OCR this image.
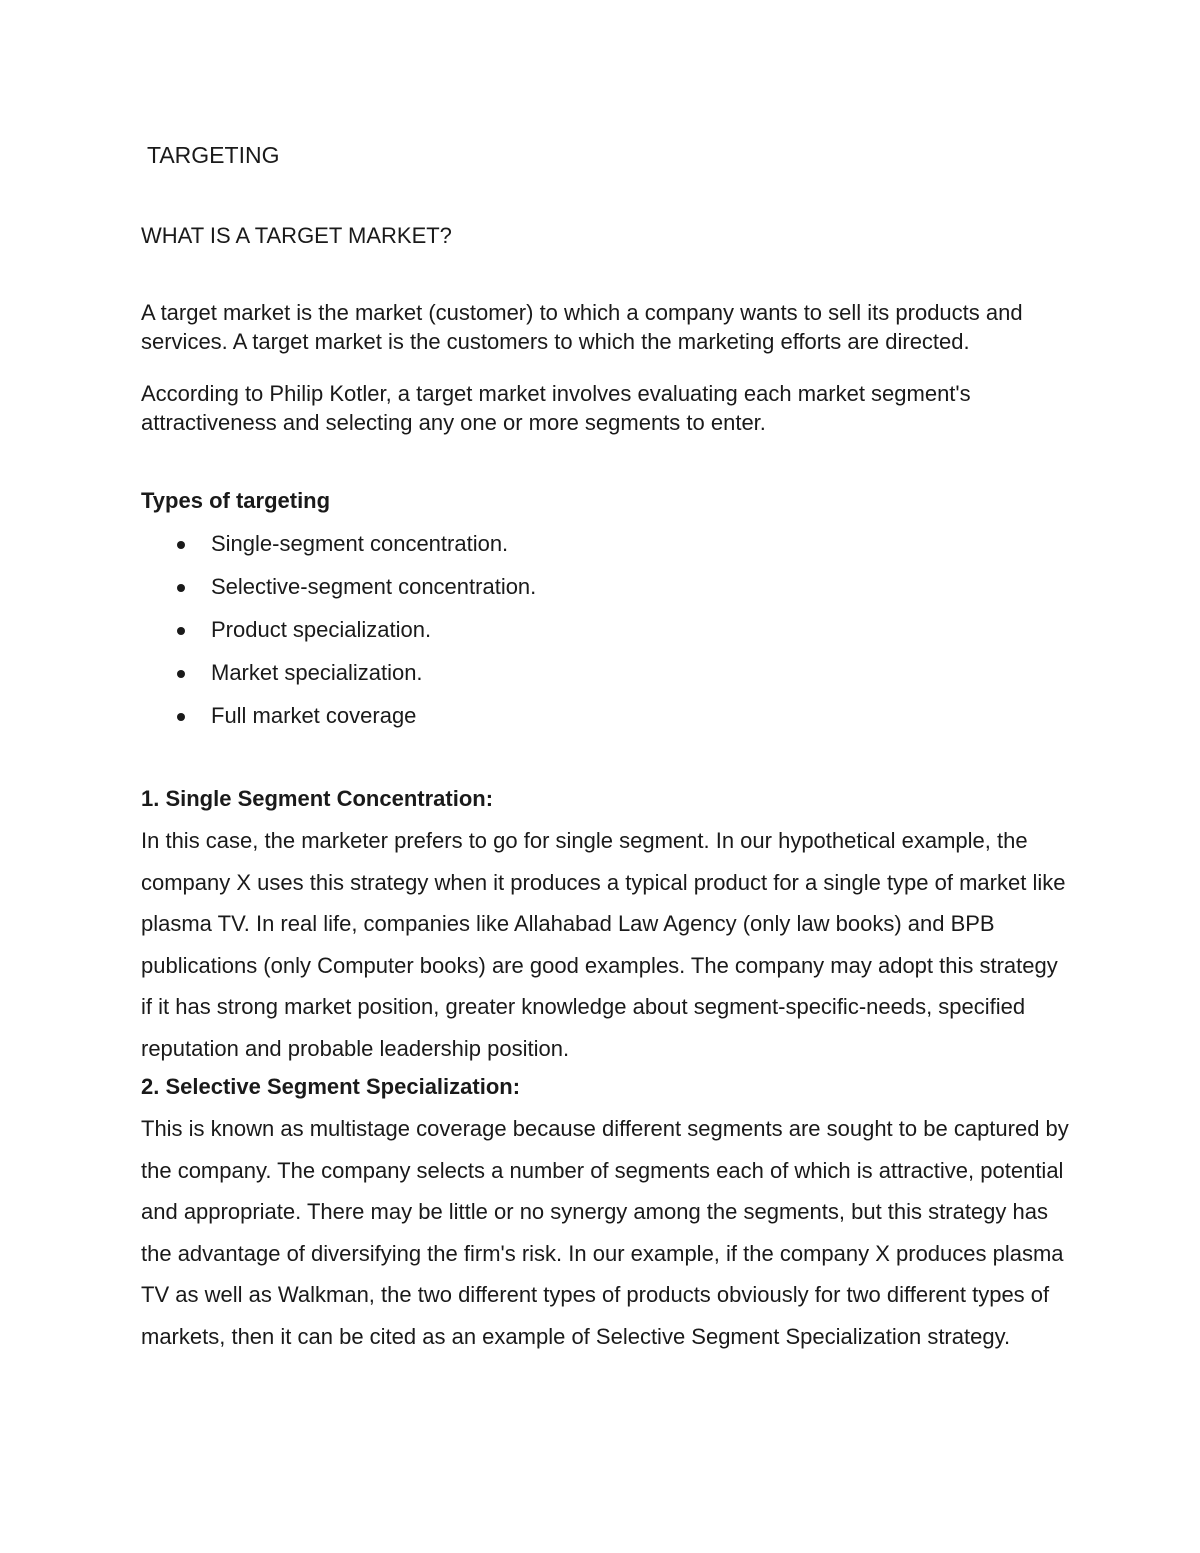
TARGETING

WHAT IS A TARGET MARKET?

A target market is the market (customer) to which a company wants to sell its products and services. A target market is the customers to which the marketing efforts are directed.

According to Philip Kotler, a target market involves evaluating each market segment's attractiveness and selecting any one or more segments to enter.

Types of targeting

Single-segment concentration.
Selective-segment concentration.
Product specialization.
Market specialization.
Full market coverage

1. Single Segment Concentration:

In this case, the marketer prefers to go for single segment. In our hypothetical example, the company X uses this strategy when it produces a typical product for a single type of market like plasma TV. In real life, companies like Allahabad Law Agency (only law books) and BPB publications (only Computer books) are good examples. The company may adopt this strategy if it has strong market position, greater knowledge about segment-specific-needs, specified reputation and probable leadership position.

2. Selective Segment Specialization:

This is known as multistage coverage because different segments are sought to be captured by the company. The company selects a number of segments each of which is attractive, potential and appropriate. There may be little or no synergy among the segments, but this strategy has the advantage of diversifying the firm's risk. In our example, if the company X produces plasma TV as well as Walkman, the two different types of products obviously for two different types of markets, then it can be cited as an example of Selective Segment Specialization strategy.
